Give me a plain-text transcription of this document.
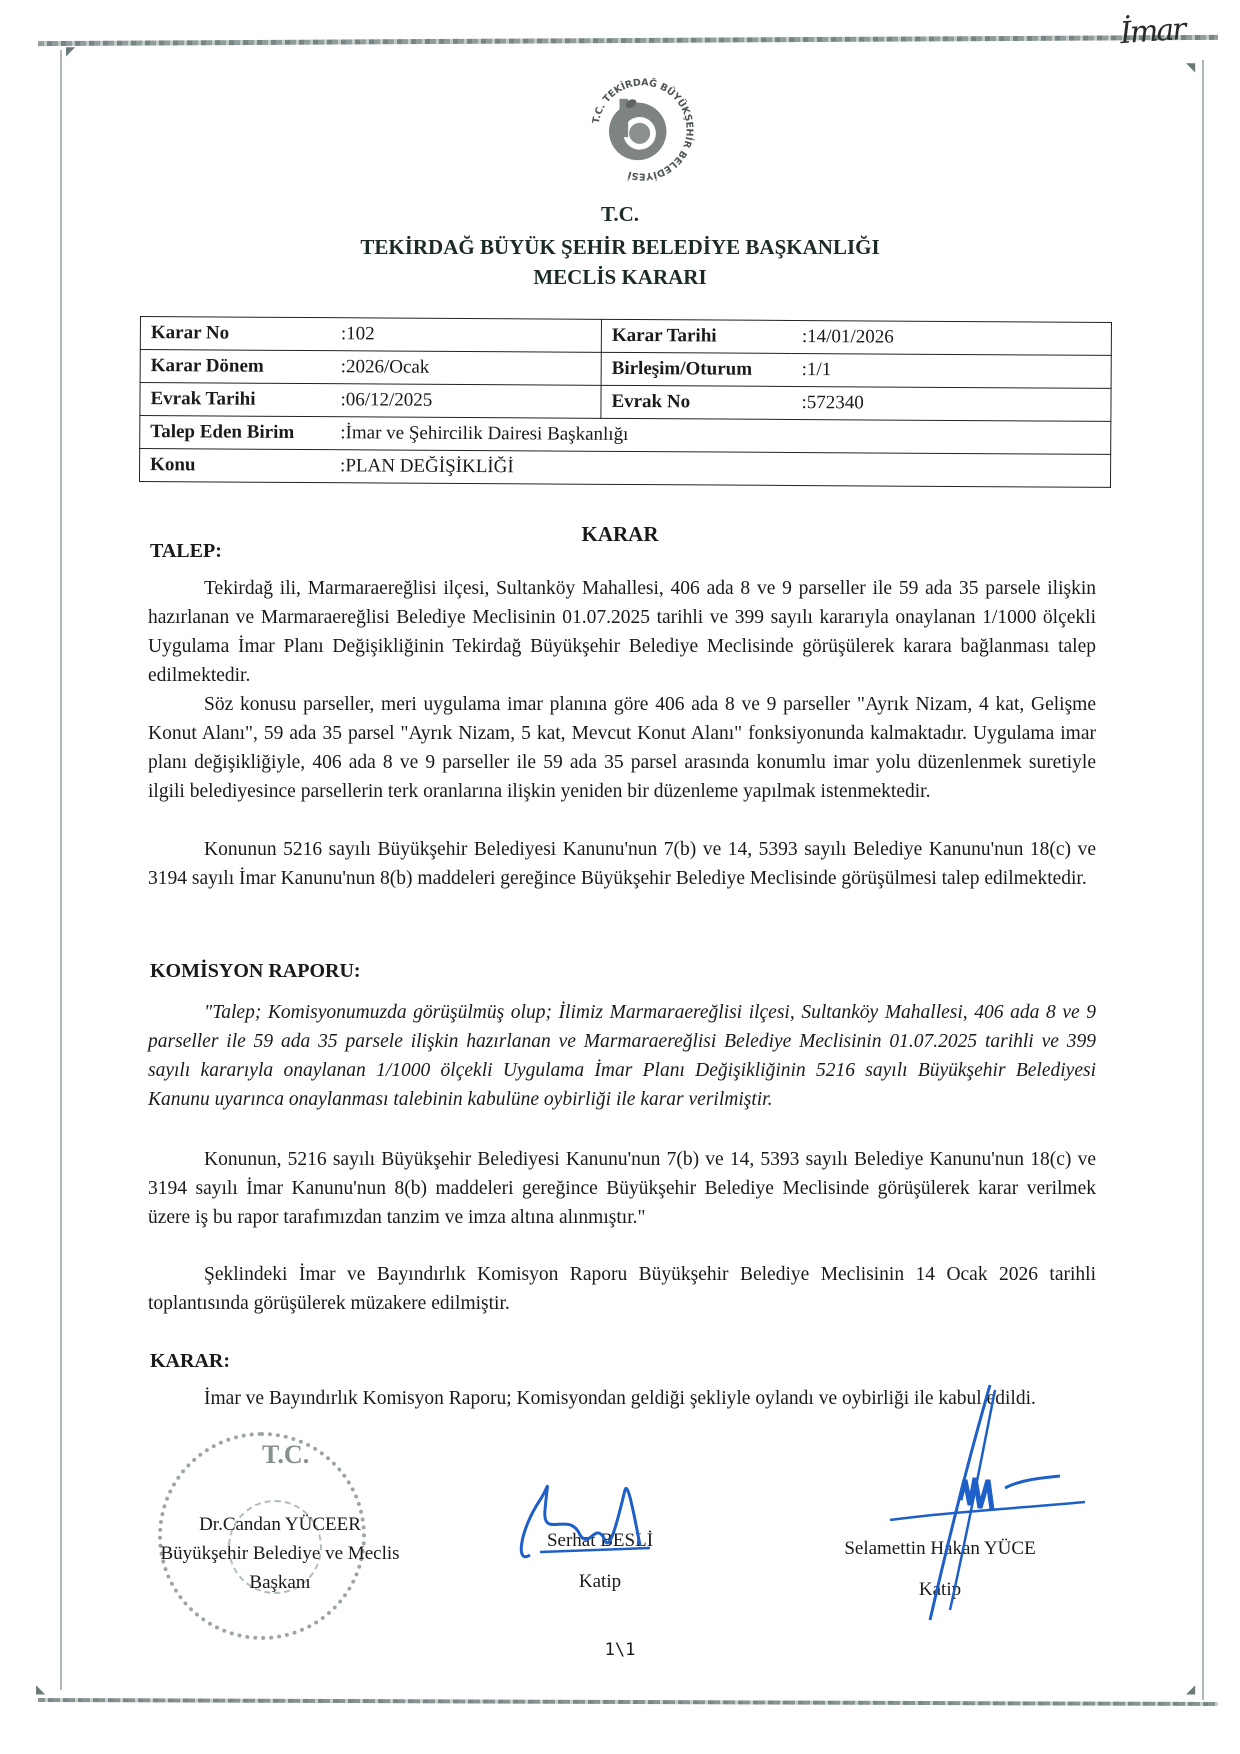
◤
◥
◣	◢
İmar
T.C. TEKİRDAĞ BÜYÜKŞEHİR BELEDİYESİ
T.C.
TEKİRDAĞ BÜYÜK ŞEHİR BELEDİYE BAŞKANLIĞI
MECLİS KARARI
Karar No	:102	Karar Tarihi	:14/01/2026
Karar Dönem	:2026/Ocak	Birleşim/Oturum	:1/1
Evrak Tarihi	:06/12/2025	Evrak No	:572340
Talep Eden Birim	:İmar ve Şehircilik Dairesi Başkanlığı		
Konu	:PLAN DEĞİŞİKLİĞİ		
KARAR
TALEP:

Tekirdağ ili, Marmaraereğlisi ilçesi, Sultanköy Mahallesi, 406 ada 8 ve 9 parseller ile 59 ada 35 parsele ilişkin hazırlanan ve Marmaraereğlisi Belediye Meclisinin 01.07.2025 tarihli ve 399 sayılı kararıyla onaylanan 1/1000 ölçekli Uygulama İmar Planı Değişikliğinin Tekirdağ Büyükşehir Belediye Meclisinde görüşülerek karara bağlanması talep edilmektedir.

Söz konusu parseller, meri uygulama imar planına göre 406 ada 8 ve 9 parseller "Ayrık Nizam, 4 kat, Gelişme Konut Alanı", 59 ada 35 parsel "Ayrık Nizam, 5 kat, Mevcut Konut Alanı" fonksiyonunda kalmaktadır. Uygulama imar planı değişikliğiyle, 406 ada 8 ve 9 parseller ile 59 ada 35 parsel arasında konumlu imar yolu düzenlenmek suretiyle ilgili belediyesince parsellerin terk oranlarına ilişkin yeniden bir düzenleme yapılmak istenmektedir.

Konunun 5216 sayılı Büyükşehir Belediyesi Kanunu'nun 7(b) ve 14, 5393 sayılı Belediye Kanunu'nun 18(c) ve 3194 sayılı İmar Kanunu'nun 8(b) maddeleri gereğince Büyükşehir Belediye Meclisinde görüşülmesi talep edilmektedir.

KOMİSYON RAPORU:

"Talep; Komisyonumuzda görüşülmüş olup; İlimiz Marmaraereğlisi ilçesi, Sultanköy Mahallesi, 406 ada 8 ve 9 parseller ile 59 ada 35 parsele ilişkin hazırlanan ve Marmaraereğlisi Belediye Meclisinin 01.07.2025 tarihli ve 399 sayılı kararıyla onaylanan 1/1000 ölçekli Uygulama İmar Planı Değişikliğinin 5216 sayılı Büyükşehir Belediyesi Kanunu uyarınca onaylanması talebinin kabulüne oybirliği ile karar verilmiştir.

Konunun, 5216 sayılı Büyükşehir Belediyesi Kanunu'nun 7(b) ve 14, 5393 sayılı Belediye Kanunu'nun 18(c) ve 3194 sayılı İmar Kanunu'nun 8(b) maddeleri gereğince Büyükşehir Belediye Meclisinde görüşülerek karar verilmek üzere iş bu rapor tarafımızdan tanzim ve imza altına alınmıştır."

Şeklindeki İmar ve Bayındırlık Komisyon Raporu Büyükşehir Belediye Meclisinin 14 Ocak 2026 tarihli toplantısında görüşülerek müzakere edilmiştir.

KARAR:

İmar ve Bayındırlık Komisyon Raporu; Komisyondan geldiği şekliyle oylandı ve oybirliği ile kabul edildi.

T.C.
Dr.Candan YÜCEER
Büyükşehir Belediye ve Meclis
Başkanı
Serhat BESLİ
Katip
Selamettin Hakan YÜCE
Katip
1\1
